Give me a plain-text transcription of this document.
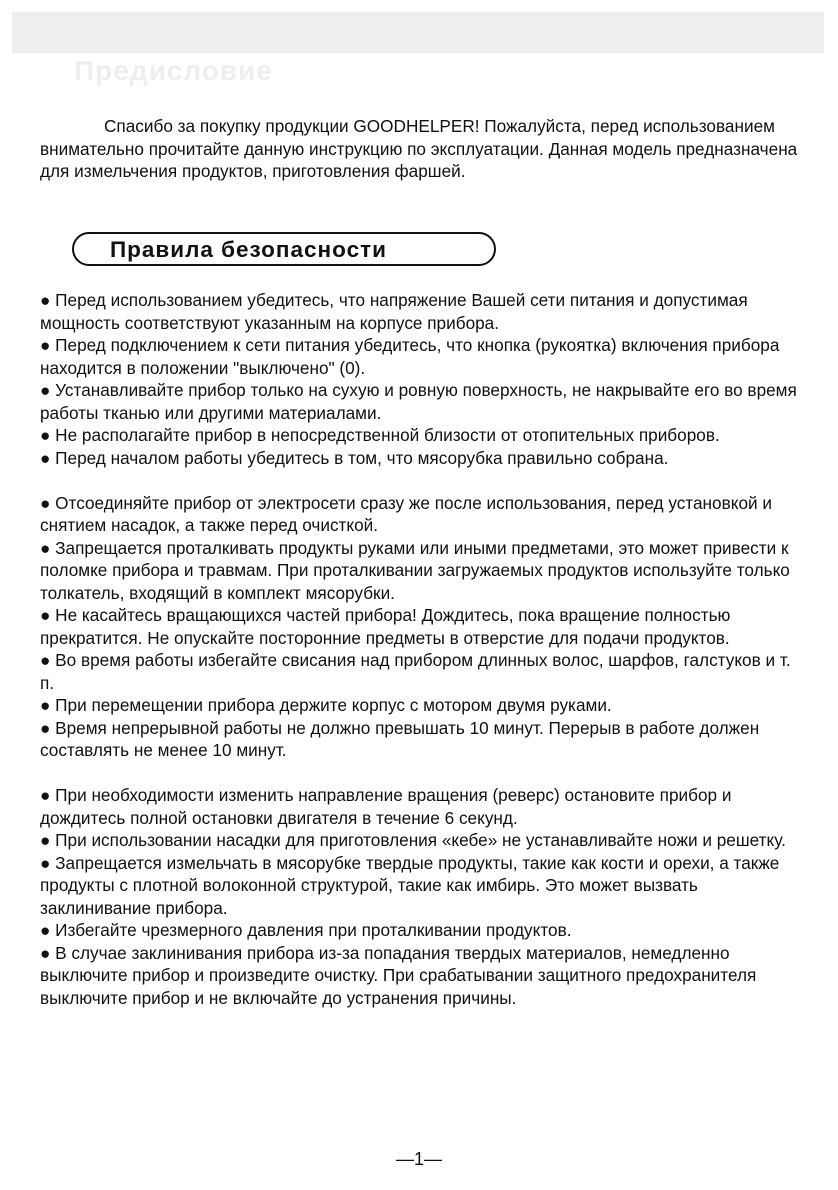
Предисловие

Спасибо за покупку продукции GOODHELPER! Пожалуйста, перед использованием внимательно прочитайте данную инструкцию по эксплуатации. Данная модель предназначена для измельчения продуктов, приготовления фаршей.

Правила безопасности

● Перед использованием убедитесь, что напряжение Вашей сети питания и допустимая мощность соответствуют указанным на корпусе прибора.

● Перед подключением к сети питания убедитесь, что кнопка (рукоятка) включения прибора находится в положении "выключено" (0).

● Устанавливайте прибор только на сухую и ровную поверхность, не накрывайте его во время работы тканью или другими материалами.

● Не располагайте прибор в непосредственной близости от отопительных приборов.

● Перед началом работы убедитесь в том, что мясорубка правильно собрана.

● Отсоединяйте прибор от электросети сразу же после использования, перед установкой и снятием насадок, а также перед очисткой.

● Запрещается проталкивать продукты руками или иными предметами, это может привести к поломке прибора и травмам. При проталкивании загружаемых продуктов используйте только толкатель, входящий в комплект мясорубки.

● Не касайтесь вращающихся частей прибора! Дождитесь, пока вращение полностью прекратится. Не опускайте посторонние предметы в отверстие для подачи продуктов.

● Во время работы избегайте свисания над прибором длинных волос, шарфов, галстуков и т. п.

● При перемещении прибора держите корпус с мотором двумя руками.

● Время непрерывной работы не должно превышать 10 минут. Перерыв в работе должен составлять не менее 10 минут.

● При необходимости изменить направление вращения (реверс) остановите прибор и дождитесь полной остановки двигателя в течение 6 секунд.

● При использовании насадки для приготовления «кебе» не устанавливайте ножи и решетку.

● Запрещается измельчать в мясорубке твердые продукты, такие как кости и орехи, а также продукты с плотной волоконной структурой, такие как имбирь. Это может вызвать заклинивание прибора.

● Избегайте чрезмерного давления при проталкивании продуктов.

● В случае заклинивания прибора из-за попадания твердых материалов, немедленно выключите прибор и произведите очистку. При срабатывании защитного предохранителя выключите прибор и не включайте до устранения причины.

—1—
